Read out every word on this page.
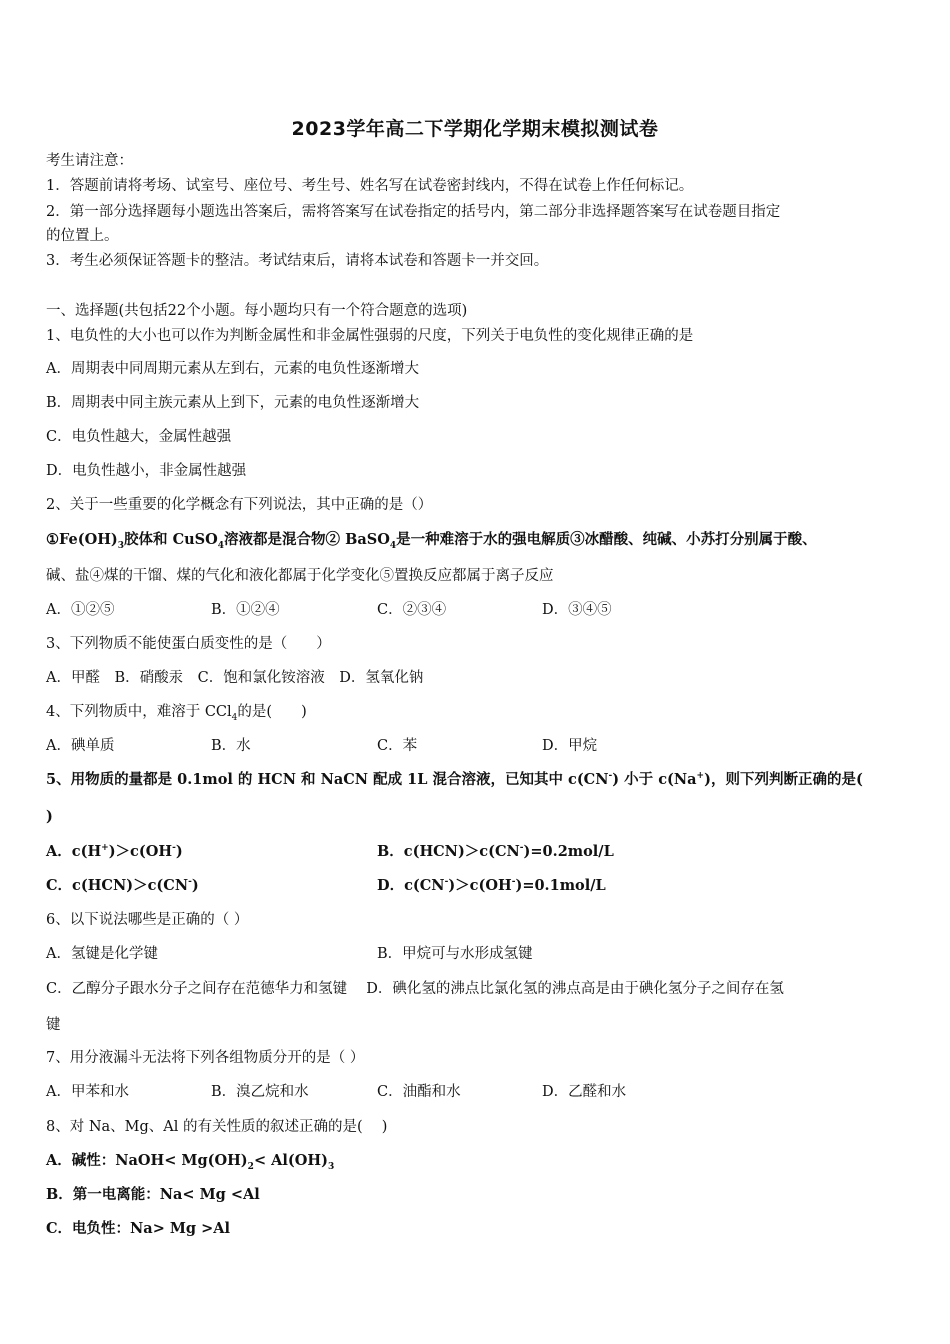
2023学年高二下学期化学期末模拟测试卷
考生请注意：
1．答题前请将考场、试室号、座位号、考生号、姓名写在试卷密封线内，不得在试卷上作任何标记。
2．第一部分选择题每小题选出答案后，需将答案写在试卷指定的括号内，第二部分非选择题答案写在试卷题目指定
的位置上。
3．考生必须保证答题卡的整洁。考试结束后，请将本试卷和答题卡一并交回。
一、选择题(共包括22个小题。每小题均只有一个符合题意的选项)
1、电负性的大小也可以作为判断金属性和非金属性强弱的尺度，下列关于电负性的变化规律正确的是
A．周期表中同周期元素从左到右，元素的电负性逐渐增大
B．周期表中同主族元素从上到下，元素的电负性逐渐增大
C．电负性越大，金属性越强
D．电负性越小，非金属性越强
2、关于一些重要的化学概念有下列说法，其中正确的是（）
$①Fe(OH)_3$胶体和 CuSO$_4$溶液都是混合物② BaSO$_4$是一种难溶于水的强电解质③冰醋酸、纯碱、小苏打分别属于酸、
碱、盐④煤的干馏、煤的气化和液化都属于化学变化⑤置换反应都属于离子反应
A．①②⑤	B．①②④	C．②③④	D．③④⑤
3、下列物质不能使蛋白质变性的是（　　）
A．甲醛　B．硝酸汞　C．饱和氯化铵溶液　D．氢氧化钠
4、下列物质中，难溶于 CCl$_4$的是(　　)
A．碘单质	B．水	C．苯	D．甲烷
5、用物质的量都是 0.1mol 的 HCN 和 NaCN 配成 1L 混合溶液，已知其中 c(CN-) 小于 c(Na+)，则下列判断正确的是(
)
A．c(H+)＞c(OH-)	B．c(HCN)＞c(CN-)=0.2mol/L
C．c(HCN)＞c(CN-)	D．c(CN-)＞c(OH-)=0.1mol/L
6、以下说法哪些是正确的（ ）
A．氢键是化学键	B．甲烷可与水形成氢键
C．乙醇分子跟水分子之间存在范德华力和氢键　 D．碘化氢的沸点比氯化氢的沸点高是由于碘化氢分子之间存在氢
键
7、用分液漏斗无法将下列各组物质分开的是（ ）
A．甲苯和水	B．溴乙烷和水	C．油酯和水	D．乙醛和水
8、对 Na、Mg、Al 的有关性质的叙述正确的是(　 )
A．碱性：NaOH< $Mg(OH)_2< Al(OH)_3$
B．第一电离能：Na< Mg <Al
C．电负性：Na> Mg >Al
